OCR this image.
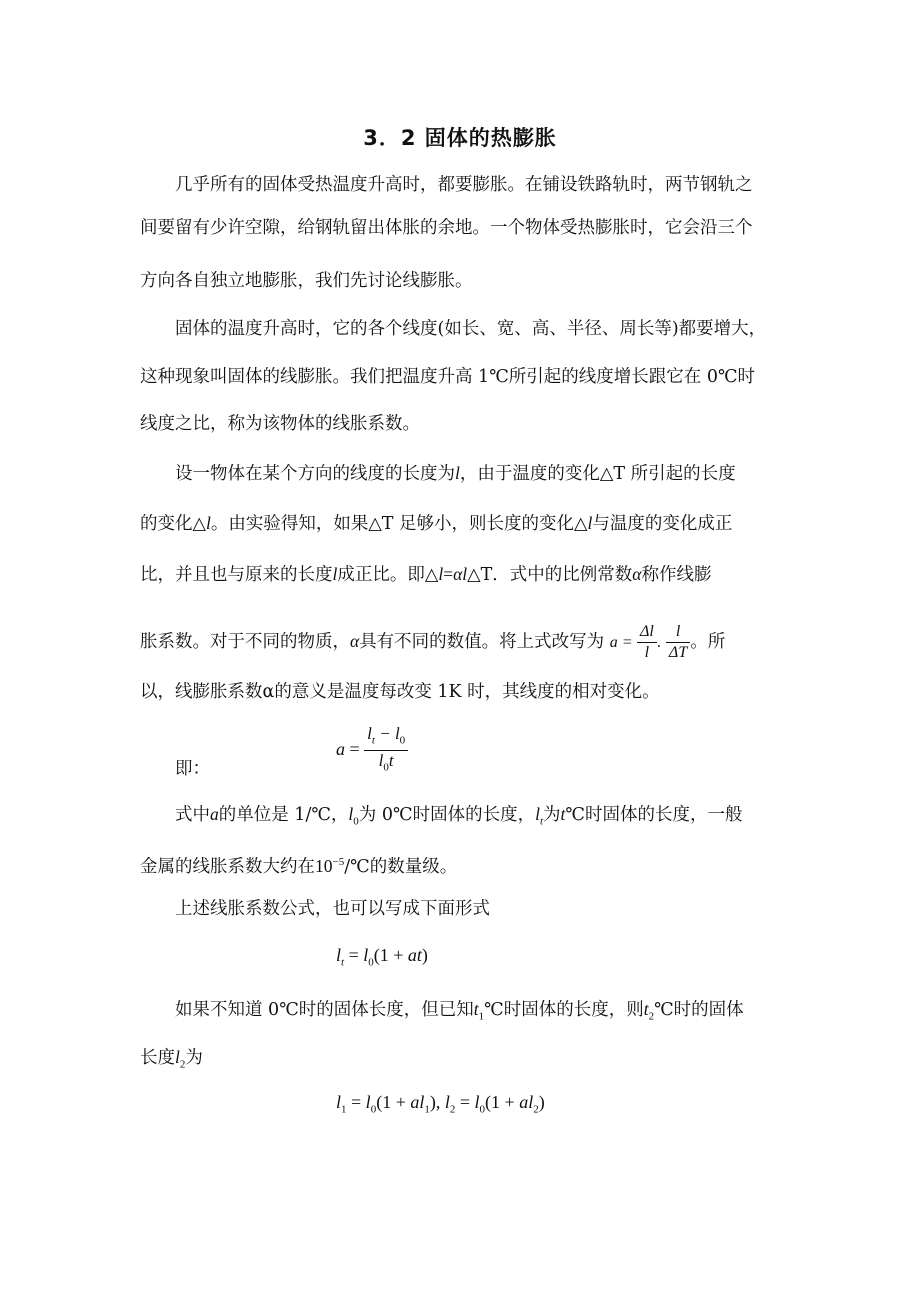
3．2 固体的热膨胀
几乎所有的固体受热温度升高时，都要膨胀。在铺设铁路轨时，两节钢轨之
间要留有少许空隙，给钢轨留出体胀的余地。一个物体受热膨胀时，它会沿三个
方向各自独立地膨胀，我们先讨论线膨胀。
固体的温度升高时，它的各个线度(如长、宽、高、半径、周长等)都要增大，
这种现象叫固体的线膨胀。我们把温度升高 1℃所引起的线度增长跟它在 0℃时
线度之比，称为该物体的线胀系数。
设一物体在某个方向的线度的长度为l，由于温度的变化△T 所引起的长度
的变化△l。由实验得知，如果△T 足够小，则长度的变化△l与温度的变化成正
比，并且也与原来的长度l成正比。即△l=αl△T．式中的比例常数α称作线膨
胀系数。对于不同的物质，α具有不同的数值。将上式改写为 $a = \frac{\Delta l}{l}$ . $\frac{l}{\Delta T}$ 。所
以，线膨胀系数α的意义是温度每改变 1K 时，其线度的相对变化。
即：
$a = \frac{l_t - l_0}{l_0t}$
式中a的单位是 1/℃，$l_0$为 0℃时固体的长度，$l_t$为t℃时固体的长度，一般
金属的线胀系数大约在$10^{-5}/℃$的数量级。
上述线胀系数公式，也可以写成下面形式
$l_t = l_0(1 + at)$
如果不知道 0℃时的固体长度，但已知$t_1℃$时固体的长度，则$t_2℃$时的固体
长度$l_2$为
$l_1 = l_0(1 + al_1)$, $l_2 = l_0(1 + al_2)$
